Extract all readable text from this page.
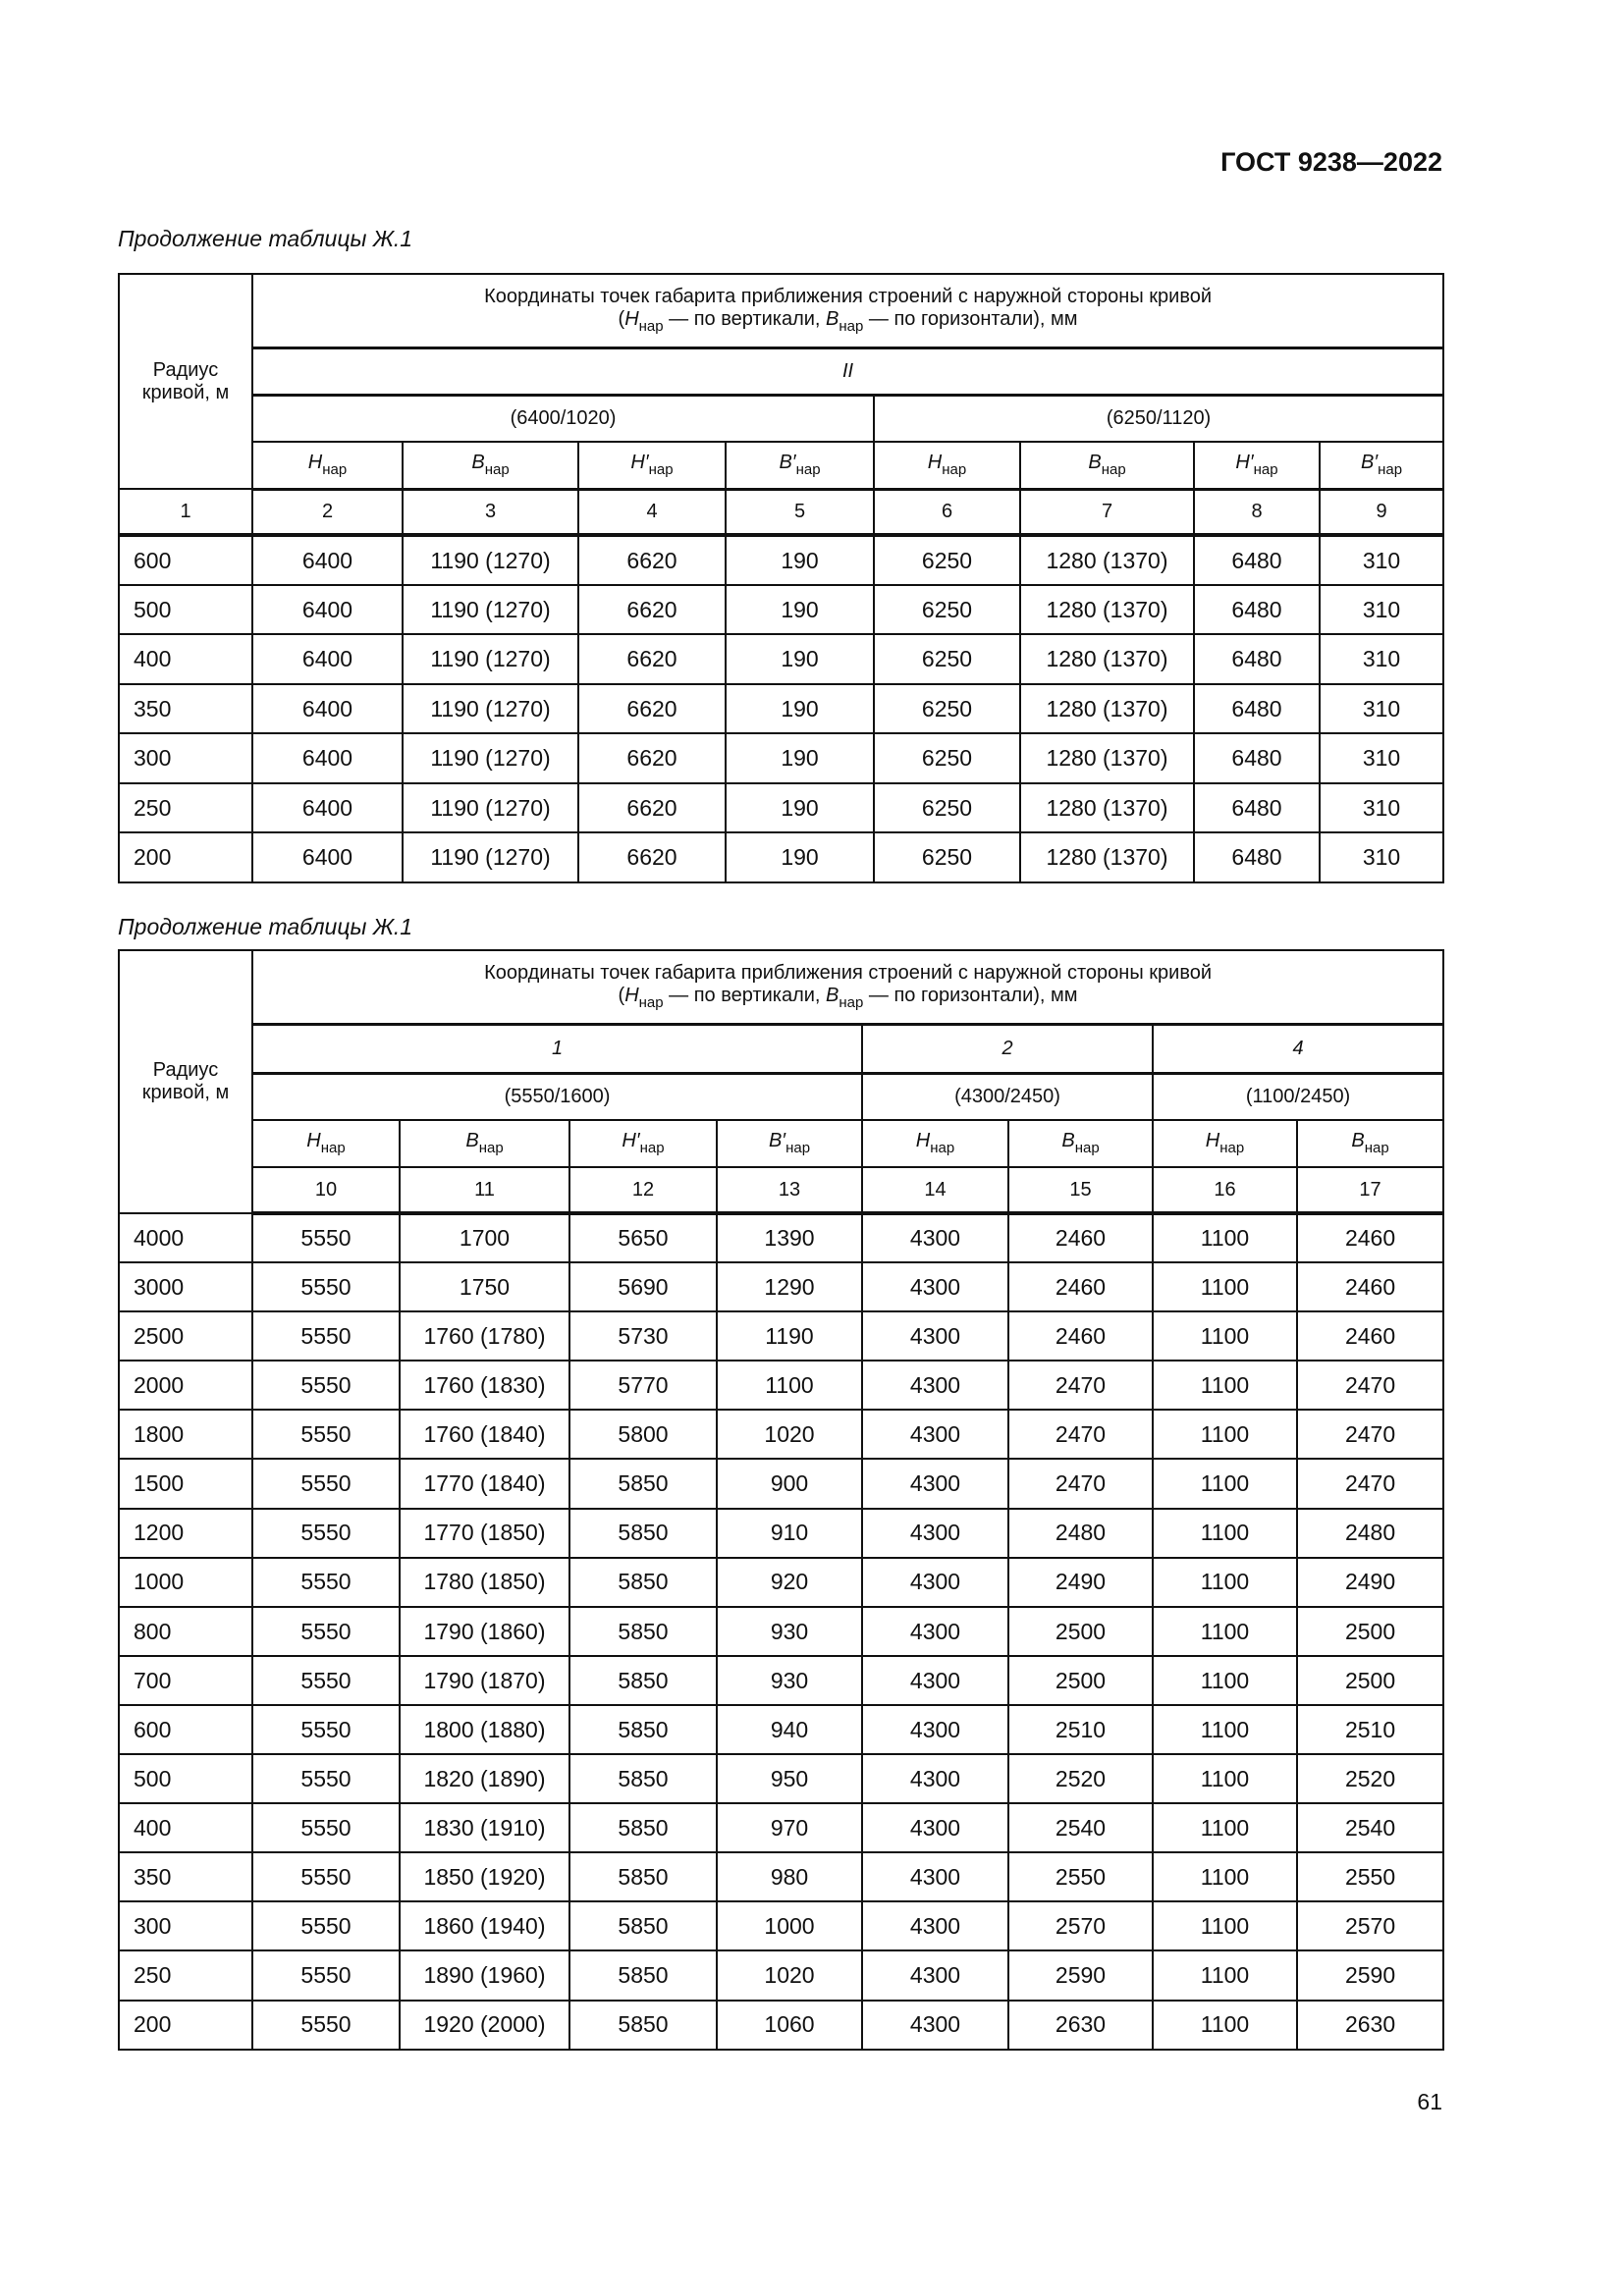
ГОСТ 9238—2022
Продолжение таблицы Ж.1
Радиус кривой, м	Координаты точек габарита приближения строений с наружной стороны кривой
($H_{нар}$ — по вертикали, $B_{нар}$ — по горизонтали), мм							

	II							
	(6400/1020)				(6250/1120)			
	$H_{нар}$	$B_{нар}$	$H'_{нар}$	$B'_{нар}$	$H_{нар}$	$B_{нар}$	$H'_{нар}$	$B'_{нар}$
1	2	3	4	5	6	7	8	9
600	6400	1190 (1270)	6620	190	6250	1280 (1370)	6480	310
500	6400	1190 (1270)	6620	190	6250	1280 (1370)	6480	310
400	6400	1190 (1270)	6620	190	6250	1280 (1370)	6480	310
350	6400	1190 (1270)	6620	190	6250	1280 (1370)	6480	310
300	6400	1190 (1270)	6620	190	6250	1280 (1370)	6480	310
250	6400	1190 (1270)	6620	190	6250	1280 (1370)	6480	310
200	6400	1190 (1270)	6620	190	6250	1280 (1370)	6480	310
Продолжение таблицы Ж.1
Радиус кривой, м	Координаты точек габарита приближения строений с наружной стороны кривой
($H_{нар}$ — по вертикали, $B_{нар}$ — по горизонтали), мм							

	1				2		4	
	(5550/1600)				(4300/2450)		(1100/2450)	
	$H_{нар}$	$B_{нар}$	$H'_{нар}$	$B'_{нар}$	$H_{нар}$	$B_{нар}$	$H_{нар}$	$B_{нар}$
	10	11	12	13	14	15	16	17
4000	5550	1700	5650	1390	4300	2460	1100	2460
3000	5550	1750	5690	1290	4300	2460	1100	2460
2500	5550	1760 (1780)	5730	1190	4300	2460	1100	2460
2000	5550	1760 (1830)	5770	1100	4300	2470	1100	2470
1800	5550	1760 (1840)	5800	1020	4300	2470	1100	2470
1500	5550	1770 (1840)	5850	900	4300	2470	1100	2470
1200	5550	1770 (1850)	5850	910	4300	2480	1100	2480
1000	5550	1780 (1850)	5850	920	4300	2490	1100	2490
800	5550	1790 (1860)	5850	930	4300	2500	1100	2500
700	5550	1790 (1870)	5850	930	4300	2500	1100	2500
600	5550	1800 (1880)	5850	940	4300	2510	1100	2510
500	5550	1820 (1890)	5850	950	4300	2520	1100	2520
400	5550	1830 (1910)	5850	970	4300	2540	1100	2540
350	5550	1850 (1920)	5850	980	4300	2550	1100	2550
300	5550	1860 (1940)	5850	1000	4300	2570	1100	2570
250	5550	1890 (1960)	5850	1020	4300	2590	1100	2590
200	5550	1920 (2000)	5850	1060	4300	2630	1100	2630
61
